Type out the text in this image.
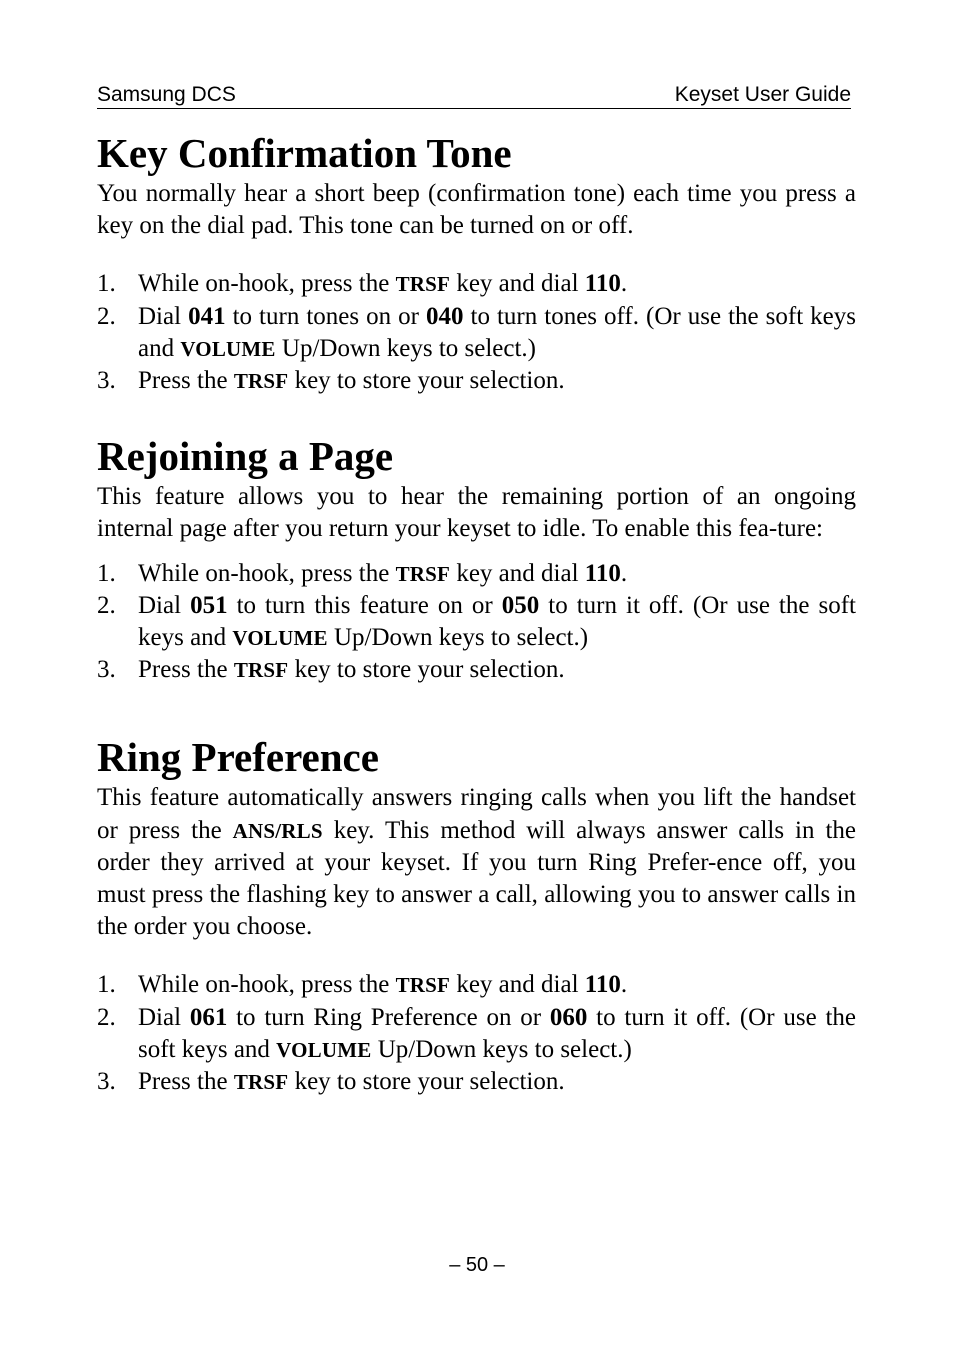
Samsung DCS	Keyset User Guide
Key Confirmation Tone

You normally hear a short beep (confirmation tone) each time you press a key on the dial pad. This tone can be turned on or off.

1. While on-hook, press the TRSF key and dial 110.
2. Dial 041 to turn tones on or 040 to turn tones off. (Or use the soft keys and VOLUME Up/Down keys to select.)
3. Press the TRSF key to store your selection.
Rejoining a Page

This feature allows you to hear the remaining portion of an ongoing internal page after you return your keyset to idle. To enable this fea-ture:

1. While on-hook, press the TRSF key and dial 110.
2. Dial 051 to turn this feature on or 050 to turn it off. (Or use the soft keys and VOLUME Up/Down keys to select.)
3. Press the TRSF key to store your selection.
Ring Preference

This feature automatically answers ringing calls when you lift the handset or press the ANS/RLS key. This method will always answer calls in the order they arrived at your keyset. If you turn Ring Prefer-ence off, you must press the flashing key to answer a call, allowing you to answer calls in the order you choose.

1. While on-hook, press the TRSF key and dial 110.
2. Dial 061 to turn Ring Preference on or 060 to turn it off. (Or use the soft keys and VOLUME Up/Down keys to select.)
3. Press the TRSF key to store your selection.
– 50 –
